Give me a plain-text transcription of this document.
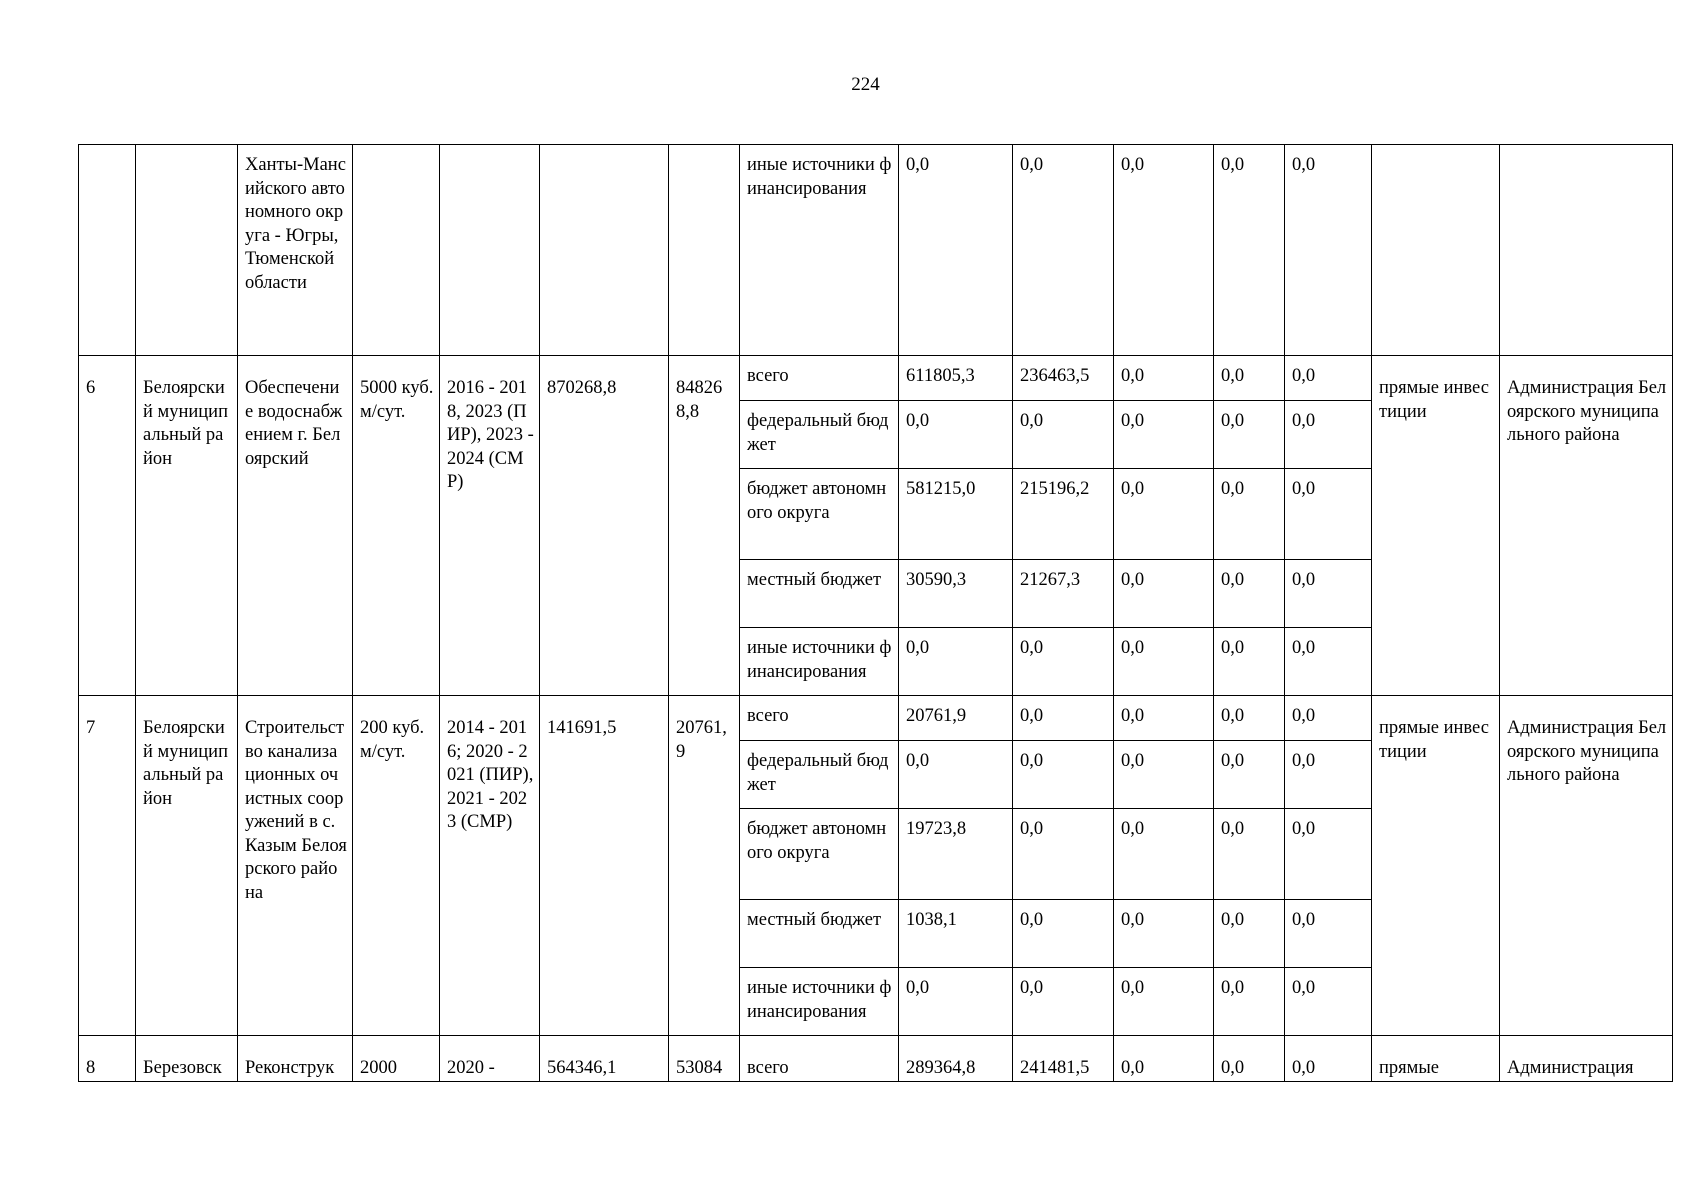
224

		Ханты-Мансийского автономного округа - Югры, Тюменской области					иные источники финансирования	0,0	0,0	0,0	0,0	0,0		

6	Белоярский муниципальный район	Обеспечение водоснабжением г. Белоярский	5000 куб. м/сут.	2016 - 2018, 2023 (ПИР), 2023 - 2024 (СМР)	870268,8	848268,8	всего	611805,3	236463,5	0,0	0,0	0,0	прямые инвестиции	Администрация Белоярского муниципального района

							федеральный бюджет	0,0	0,0	0,0	0,0	0,0		

							бюджет автономного округа	581215,0	215196,2	0,0	0,0	0,0		

							местный бюджет	30590,3	21267,3	0,0	0,0	0,0		

							иные источники финансирования	0,0	0,0	0,0	0,0	0,0		

7	Белоярский муниципальный район	Строительство канализационных очистных сооружений в с. Казым Белоярского района	200 куб. м/сут.	2014 - 2016; 2020 - 2021 (ПИР), 2021 - 2023 (СМР)	141691,5	20761,9	всего	20761,9	0,0	0,0	0,0	0,0	прямые инвестиции	Администрация Белоярского муниципального района

							федеральный бюджет	0,0	0,0	0,0	0,0	0,0		

							бюджет автономного округа	19723,8	0,0	0,0	0,0	0,0		

							местный бюджет	1038,1	0,0	0,0	0,0	0,0		

							иные источники финансирования	0,0	0,0	0,0	0,0	0,0		

8	Березовск	Реконструк	2000	2020 -	564346,1	53084	всего	289364,8	241481,5	0,0	0,0	0,0	прямые	Администрация
